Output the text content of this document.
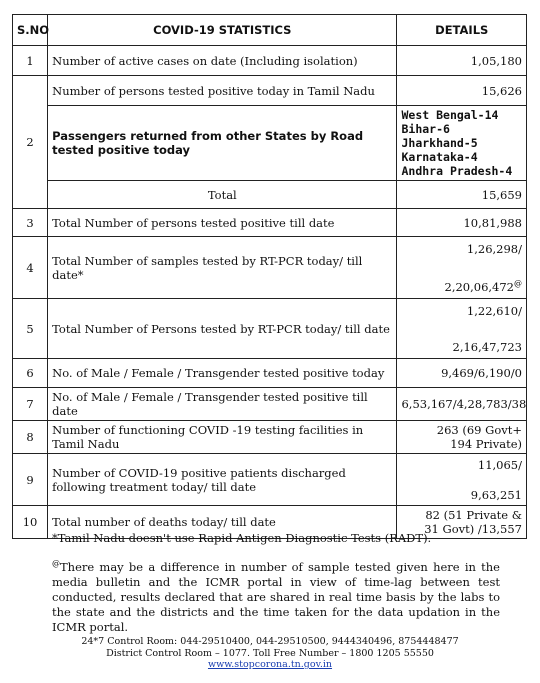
S.NO	COVID-19 STATISTICS	DETAILS
1	Number of active cases on date (Including isolation)	1,05,180
2	Number of persons tested positive today in Tamil Nadu	15,626
	Passengers returned from other States by Road tested positive today	West Bengal-14
Bihar-6
Jharkhand-5
Karnataka-4
Andhra Pradesh-4

	Total	15,659
3	Total Number of persons tested positive till date	10,81,988
4	Total Number of samples tested by RT-PCR today/ till date*	1,26,298/
2,20,06,472@

5	Total Number of Persons tested by RT-PCR today/ till date	1,22,610/
2,16,47,723

6	No. of Male / Female / Transgender tested positive today	9,469/6,190/0
7	No. of Male / Female / Transgender tested positive till date	6,53,167/4,28,783/38
8	Number of functioning COVID -19 testing facilities in Tamil Nadu	263 (69 Govt+
194 Private)

9	Number of COVID-19 positive patients discharged following treatment today/ till date	11,065/
9,63,251

10	Total number of deaths today/ till date	82 (51 Private &
31 Govt) /13,557
*Tamil Nadu doesn't use Rapid Antigen Diagnostic Tests (RADT).
@There may be a difference in number of sample tested given here in the media bulletin and the ICMR portal in view of time-lag between test conducted, results declared that are shared in real time basis by the labs to the state and the districts and the time taken for the data updation in the ICMR portal.
24*7 Control Room: 044-29510400, 044-29510500, 9444340496, 8754448477
District Control Room – 1077. Toll Free Number – 1800 1205 55550
www.stopcorona.tn.gov.in
